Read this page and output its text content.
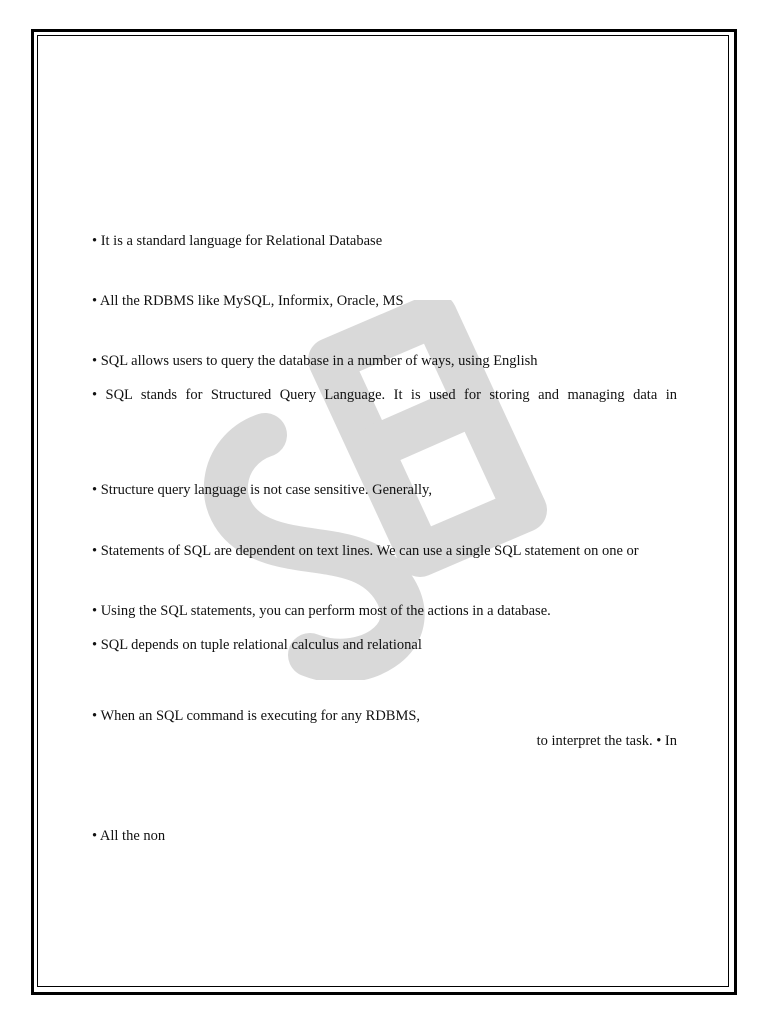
• It is a standard language for Relational Database

• All the RDBMS like MySQL, Informix, Oracle, MS

• SQL allows users to query the database in a number of ways, using English

• SQL stands for Structured Query Language. It is used for storing and managing data in

• Structure query language is not case sensitive. Generally,

• Statements of SQL are dependent on text lines. We can use a single SQL statement on one or

• Using the SQL statements, you can perform most of the actions in a database.

• SQL depends on tuple relational calculus and relational

• When an SQL command is executing for any RDBMS,

to interpret the task. • In

• All the non
